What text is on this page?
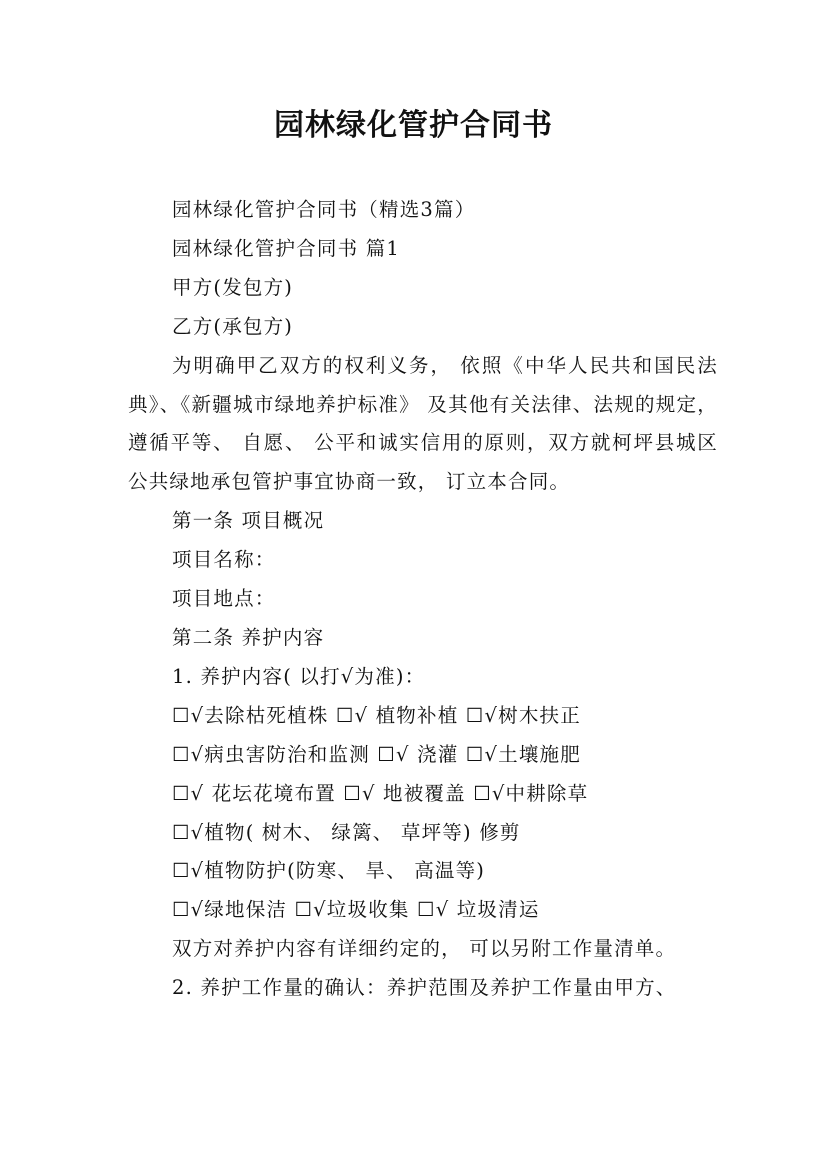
园林绿化管护合同书

园林绿化管护合同书（精选3篇）

园林绿化管护合同书 篇1

甲方(发包方)

乙方(承包方)

为明确甲乙双方的权利义务， 依照《中华人民共和国民法典》、《新疆城市绿地养护标准》 及其他有关法律、法规的规定， 遵循平等、 自愿、 公平和诚实信用的原则，双方就柯坪县城区公共绿地承包管护事宜协商一致， 订立本合同。

第一条 项目概况

项目名称：

项目地点：

第二条 养护内容

1. 养护内容( 以打√为准)：

☐√去除枯死植株 ☐√ 植物补植 ☐√树木扶正

☐√病虫害防治和监测 ☐√ 浇灌 ☐√土壤施肥

☐√ 花坛花境布置 ☐√ 地被覆盖 ☐√中耕除草

☐√植物( 树木、 绿篱、 草坪等) 修剪

☐√植物防护(防寒、 旱、 高温等)

☐√绿地保洁 ☐√垃圾收集 ☐√ 垃圾清运

双方对养护内容有详细约定的， 可以另附工作量清单。

2. 养护工作量的确认：养护范围及养护工作量由甲方、
